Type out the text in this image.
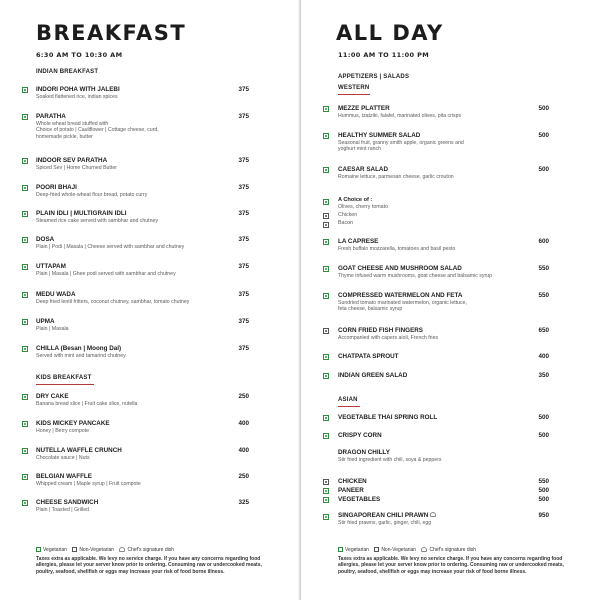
BREAKFAST
6:30 AM TO 10:30 AM
INDIAN BREAKFAST
INDORI POHA WITH JALEBI
Soaked flattened rice, indian spices
375
PARATHA
Whole wheat bread stuffed with
Choice of potato | Cauliflower | Cottage cheese, curd,
homemade pickle, butter
375
INDOOR SEV PARATHA
Spiced Sev | Home Churned Butter
375
POORI BHAJI
Deep-fried whole-wheat flour bread, potato curry
375
PLAIN IDLI | MULTIGRAIN IDLI
Steamed rice cake served with sambhar and chutney
375
DOSA
Plain | Podi | Masala | Cheese served with sambhar and chutney
375
UTTAPAM
Plain | Masala | Ghee podi served with sambhar and chutney
375
MEDU WADA
Deep fried lentil fritters, coconut chutney, sambhar, tomato chutney
375
UPMA
Plain | Masala
375
CHILLA (Besan | Moong Dal)
Served with mint and tamarind chutney
375
KIDS BREAKFAST
DRY CAKE
Banana bread slice | Fruit cake slice, nutella
250
KIDS MICKEY PANCAKE
Honey | Berry compote
400
NUTELLA WAFFLE CRUNCH
Chocolate sauce | Nuts
400
BELGIAN WAFFLE
Whipped cream | Maple syrup | Fruit compote
250
CHEESE SANDWICH
Plain | Toasted | Grilled
325
Vegetarian Non-Vegetarian	Chef's signature dish
Taxes extra as applicable. We levy no service charge. If you have any concerns regarding food allergies, please let your server know prior to ordering. Consuming raw or undercooked meats, poultry, seafood, shellfish or eggs may increase your risk of food borne illness.
ALL DAY
11:00 AM TO 11:00 PM
APPETIZERS | SALADS
WESTERN
MEZZE PLATTER
Hummus, tzatziki, falafel, marinated olives, pita crisps
500
HEALTHY SUMMER SALAD
Seasonal fruit, granny smith apple, organic greens and
yoghurt mint ranch
500
CAESAR SALAD
Romaine lettuce, parmesan cheese, garlic crouton
500
A Choice of :
Olives, cherry tomato
Chicken
Bacon
LA CAPRESE
Fresh buffalo mozzarella, tomatoes and basil pesto
600
GOAT CHEESE AND MUSHROOM SALAD
Thyme infused warm mushrooms, goat cheese and balsamic syrup
550
COMPRESSED WATERMELON AND FETA
Sundried tomato marinated watermelon, organic lettuce,
feta cheese, balsamic syrup
550
CORN FRIED FISH FINGERS
Accompanied with capers aioli, French fries
650
CHATPATA SPROUT	400
INDIAN GREEN SALAD	350
ASIAN
VEGETABLE THAI SPRING ROLL	500
CRISPY CORN	500
DRAGON CHILLY
Stir fried ingredient with chili, soya & peppers
CHICKEN	550
PANEER	500
VEGETABLES	500
SINGAPOREAN CHILI PRAWN
Stir fried prawns, garlic, ginger, chili, egg
950
Vegetarian Non-Vegetarian	Chef's signature dish
Taxes extra as applicable. We levy no service charge. If you have any concerns regarding food allergies, please let your server know prior to ordering. Consuming raw or undercooked meats, poultry, seafood, shellfish or eggs may increase your risk of food borne illness.
